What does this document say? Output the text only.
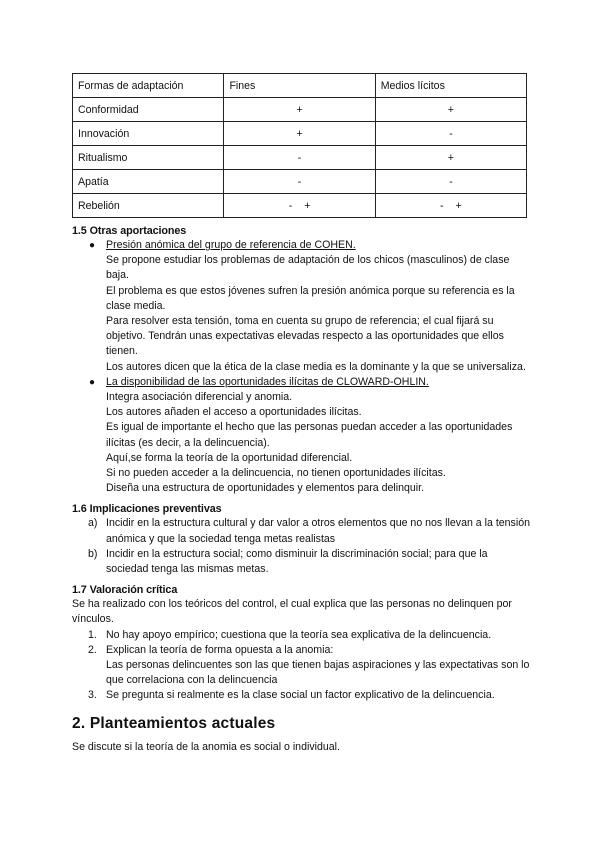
Formas de adaptación	Fines	Medios lícitos
Conformidad	+	+
Innovación	+	-
Ritualismo	-	+
Apatía	-	-
Rebelión	- +	- +
1.5 Otras aportaciones
● Presión anómica del grupo de referencia de COHEN.

Se propone estudiar los problemas de adaptación de los chicos (masculinos) de clase baja.

El problema es que estos jóvenes sufren la presión anómica porque su referencia es la clase media.

Para resolver esta tensión, toma en cuenta su grupo de referencia; el cual fijará su objetivo. Tendrán unas expectativas elevadas respecto a las oportunidades que ellos tienen.

Los autores dicen que la ética de la clase media es la dominante y la que se universaliza.

● La disponibilidad de las oportunidades ilícitas de CLOWARD-OHLIN.

Integra asociación diferencial y anomia.

Los autores añaden el acceso a oportunidades ilícitas.

Es igual de importante el hecho que las personas puedan acceder a las oportunidades ilícitas (es decir, a la delincuencia).

Aquí,se forma la teoría de la oportunidad diferencial.

Si no pueden acceder a la delincuencia, no tienen oportunidades ilícitas.

Diseña una estructura de oportunidades y elementos para delinquir.

1.6 Implicaciones preventivas
a) Incidir en la estructura cultural y dar valor a otros elementos que no nos llevan a la tensión anómica y que la sociedad tenga metas realistas

b) Incidir en la estructura social; como disminuir la discriminación social; para que la sociedad tenga las mismas metas.

1.7 Valoración crítica

Se ha realizado con los teóricos del control, el cual explica que las personas no delinquen por vínculos.

1. No hay apoyo empírico; cuestiona que la teoría sea explicativa de la delincuencia.

2. Explican la teoría de forma opuesta a la anomia:

Las personas delincuentes son las que tienen bajas aspiraciones y las expectativas son lo que correlaciona con la delincuencia

3. Se pregunta si realmente es la clase social un factor explicativo de la delincuencia.

2. Planteamientos actuales

Se discute si la teoría de la anomia es social o individual.
